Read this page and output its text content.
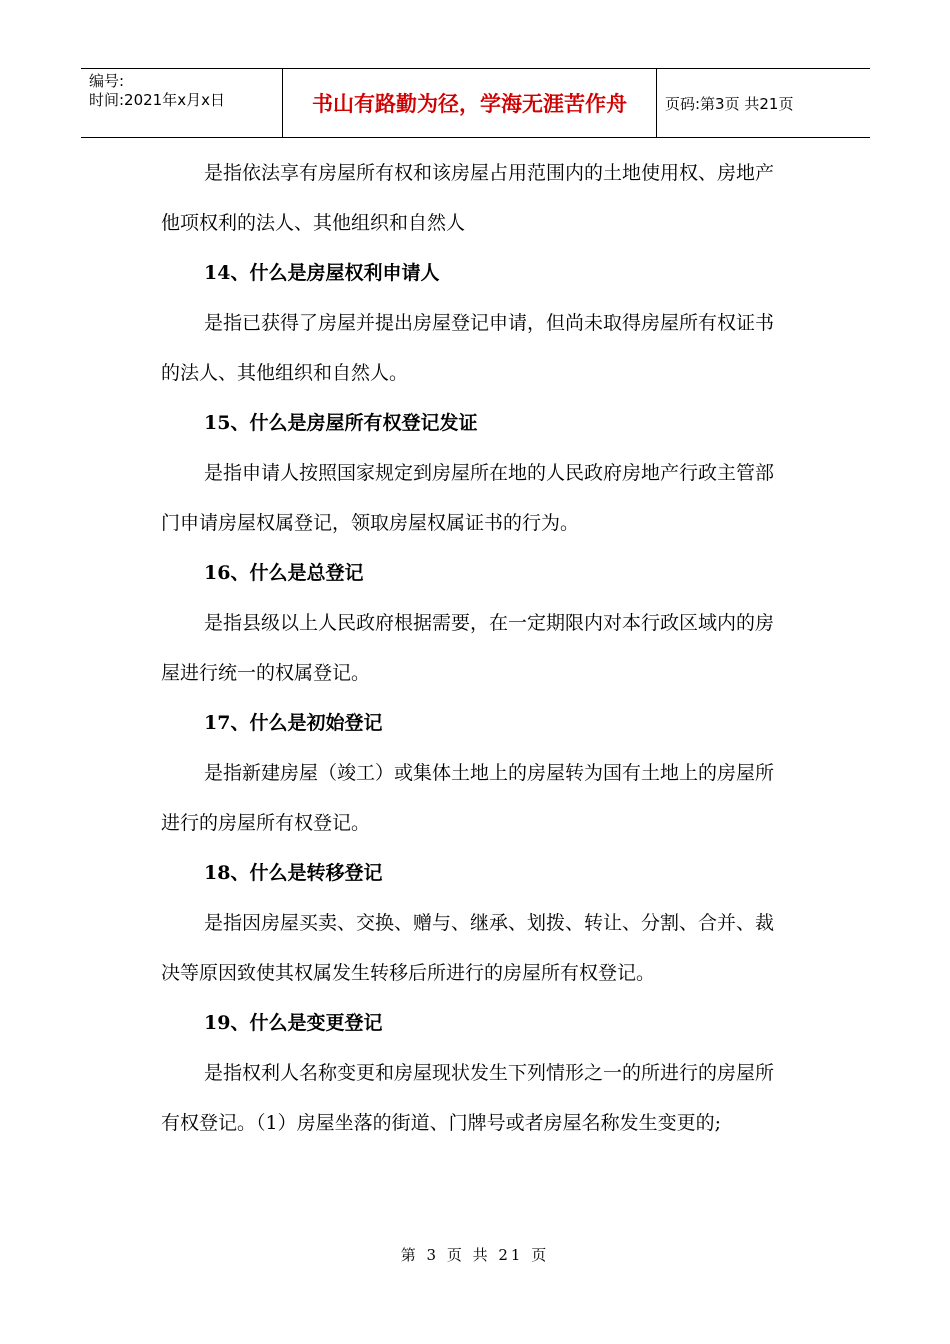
编号:
时间:2021年x月x日	书山有路勤为径，学海无涯苦作舟	页码:第3页 共21页

是指依法享有房屋所有权和该房屋占用范围内的土地使用权、房地产

他项权利的法人、其他组织和自然人

14、什么是房屋权利申请人

是指已获得了房屋并提出房屋登记申请，但尚未取得房屋所有权证书

的法人、其他组织和自然人。

15、什么是房屋所有权登记发证

是指申请人按照国家规定到房屋所在地的人民政府房地产行政主管部

门申请房屋权属登记，领取房屋权属证书的行为。

16、什么是总登记

是指县级以上人民政府根据需要，在一定期限内对本行政区域内的房

屋进行统一的权属登记。

17、什么是初始登记

是指新建房屋（竣工）或集体土地上的房屋转为国有土地上的房屋所

进行的房屋所有权登记。

18、什么是转移登记

是指因房屋买卖、交换、赠与、继承、划拨、转让、分割、合并、裁

决等原因致使其权属发生转移后所进行的房屋所有权登记。

19、什么是变更登记

是指权利人名称变更和房屋现状发生下列情形之一的所进行的房屋所

有权登记。（1）房屋坐落的街道、门牌号或者房屋名称发生变更的;

第 3 页 共 21 页
